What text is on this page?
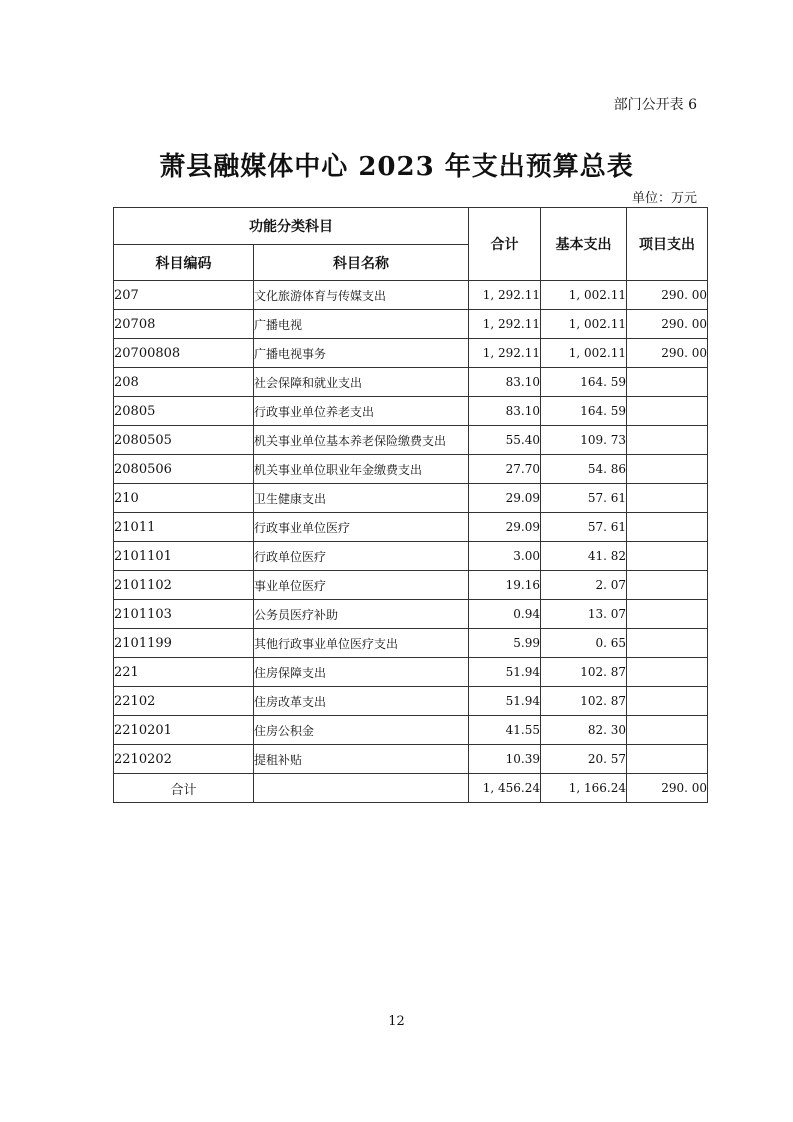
部门公开表 6
萧县融媒体中心 2023 年支出预算总表
单位：万元
功能分类科目		合计	基本支出	项目支出
科目编码	科目名称			
207	文化旅游体育与传媒支出	1, 292.11	1, 002.11	290. 00
20708	广播电视	1, 292.11	1, 002.11	290. 00
20700808	广播电视事务	1, 292.11	1, 002.11	290. 00
208	社会保障和就业支出	83.10	164. 59	
20805	行政事业单位养老支出	83.10	164. 59	
2080505	机关事业单位基本养老保险缴费支出	55.40	109. 73	
2080506	机关事业单位职业年金缴费支出	27.70	54. 86	
210	卫生健康支出	29.09	57. 61	
21011	行政事业单位医疗	29.09	57. 61	
2101101	行政单位医疗	3.00	41. 82	
2101102	事业单位医疗	19.16	2. 07	
2101103	公务员医疗补助	0.94	13. 07	
2101199	其他行政事业单位医疗支出	5.99	0. 65	
221	住房保障支出	51.94	102. 87	
22102	住房改革支出	51.94	102. 87	
2210201	住房公积金	41.55	82. 30	
2210202	提租补贴	10.39	20. 57	
合计		1, 456.24	1, 166.24	290. 00
12
